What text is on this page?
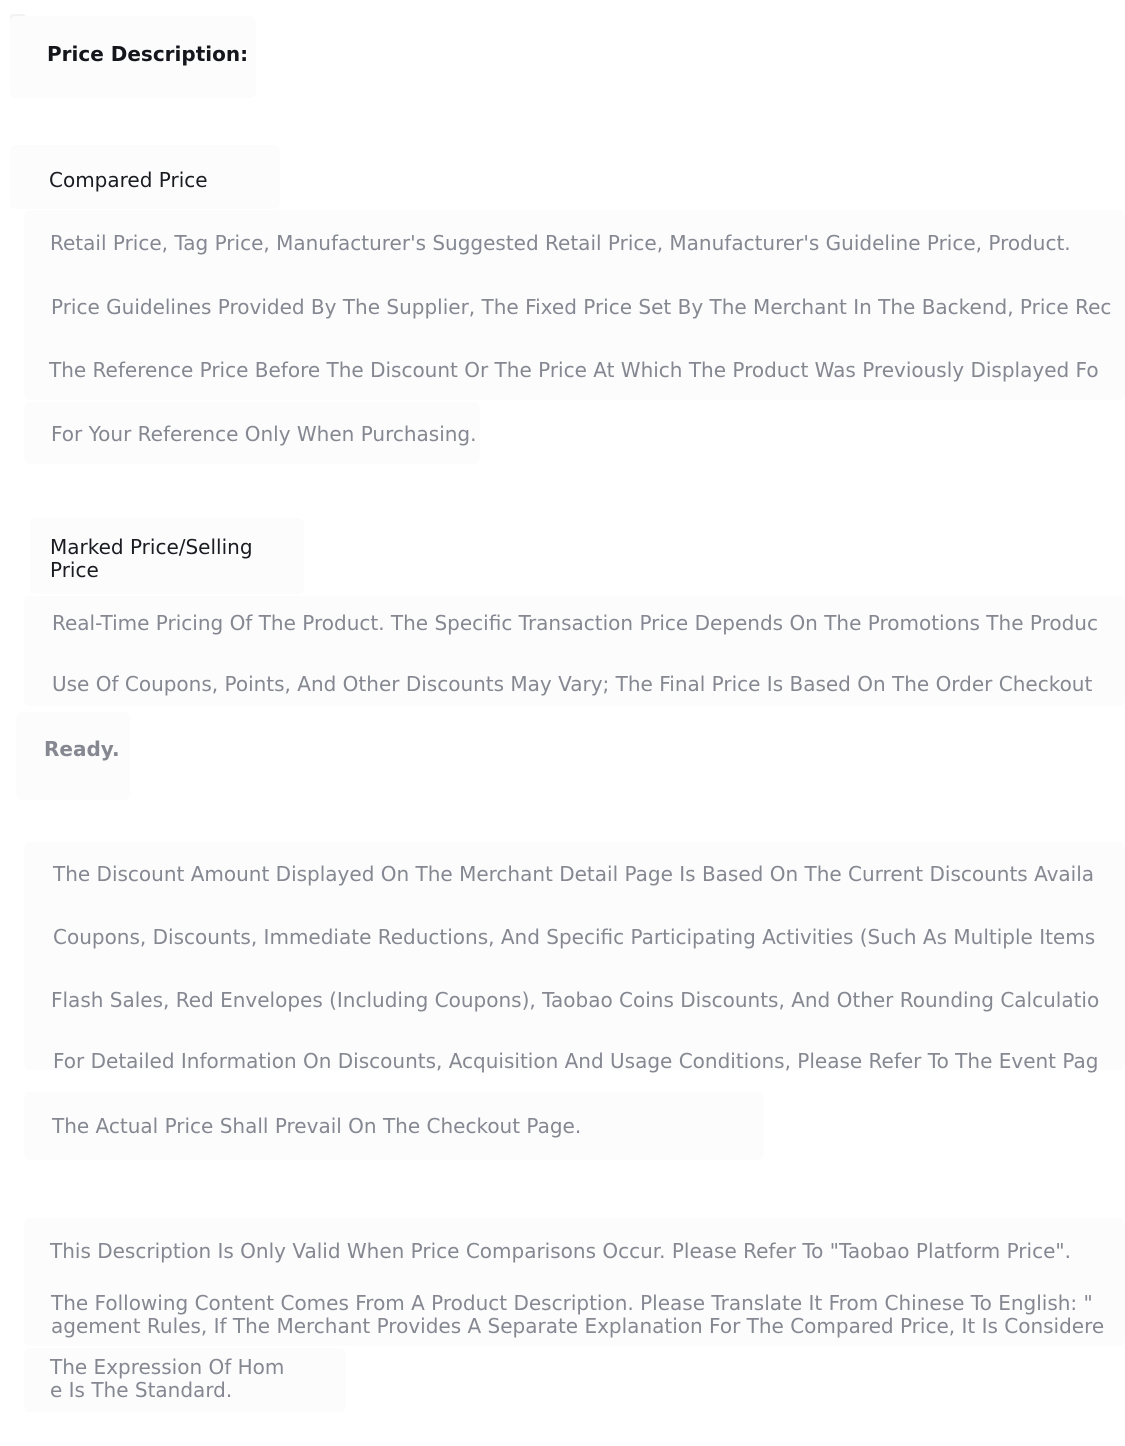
Price Description:
Compared Price
Retail Price, Tag Price, Manufacturer's Suggested Retail Price, Manufacturer's Guideline Price, Product.
Price Guidelines Provided By The Supplier, The Fixed Price Set By The Merchant In The Backend, Price Rec
The Reference Price Before The Discount Or The Price At Which The Product Was Previously Displayed Fo
For Your Reference Only When Purchasing.
Marked Price/Selling
Price
Real-Time Pricing Of The Product. The Specific Transaction Price Depends On The Promotions The Produc
Use Of Coupons, Points, And Other Discounts May Vary; The Final Price Is Based On The Order Checkout
Ready.
The Discount Amount Displayed On The Merchant Detail Page Is Based On The Current Discounts Availa
Coupons, Discounts, Immediate Reductions, And Specific Participating Activities (Such As Multiple Items
Flash Sales, Red Envelopes (Including Coupons), Taobao Coins Discounts, And Other Rounding Calculatio
For Detailed Information On Discounts, Acquisition And Usage Conditions, Please Refer To The Event Pag
The Actual Price Shall Prevail On The Checkout Page.
This Description Is Only Valid When Price Comparisons Occur. Please Refer To "Taobao Platform Price".
The Following Content Comes From A Product Description. Please Translate It From Chinese To English: "
agement Rules, If The Merchant Provides A Separate Explanation For The Compared Price, It Is Considere
The Expression Of Hom
e Is The Standard.
